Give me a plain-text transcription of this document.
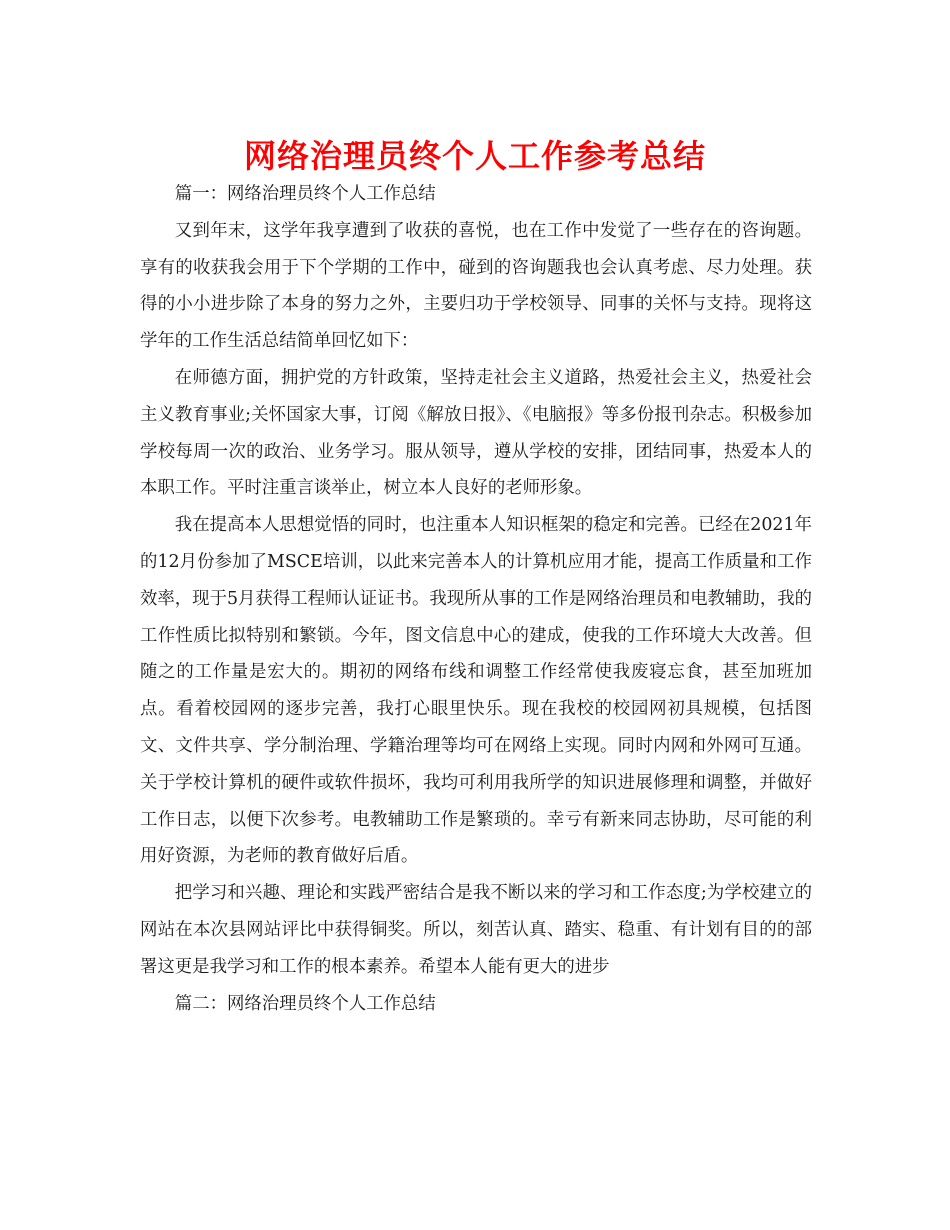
网络治理员终个人工作参考总结

篇一：网络治理员终个人工作总结

又到年末，这学年我享遭到了收获的喜悦，也在工作中发觉了一些存在的咨询题。享有的收获我会用于下个学期的工作中，碰到的咨询题我也会认真考虑、尽力处理。获得的小小进步除了本身的努力之外，主要归功于学校领导、同事的关怀与支持。现将这学年的工作生活总结简单回忆如下：

在师德方面，拥护党的方针政策，坚持走社会主义道路，热爱社会主义，热爱社会主义教育事业;关怀国家大事，订阅《解放日报》、《电脑报》等多份报刊杂志。积极参加学校每周一次的政治、业务学习。服从领导，遵从学校的安排，团结同事，热爱本人的本职工作。平时注重言谈举止，树立本人良好的老师形象。

我在提高本人思想觉悟的同时，也注重本人知识框架的稳定和完善。已经在2021年的12月份参加了MSCE培训，以此来完善本人的计算机应用才能，提高工作质量和工作效率，现于5月获得工程师认证证书。我现所从事的工作是网络治理员和电教辅助，我的工作性质比拟特别和繁锁。今年，图文信息中心的建成，使我的工作环境大大改善。但随之的工作量是宏大的。期初的网络布线和调整工作经常使我废寝忘食，甚至加班加点。看着校园网的逐步完善，我打心眼里快乐。现在我校的校园网初具规模，包括图文、文件共享、学分制治理、学籍治理等均可在网络上实现。同时内网和外网可互通。关于学校计算机的硬件或软件损坏，我均可利用我所学的知识进展修理和调整，并做好工作日志，以便下次参考。电教辅助工作是繁琐的。幸亏有新来同志协助，尽可能的利用好资源，为老师的教育做好后盾。

把学习和兴趣、理论和实践严密结合是我不断以来的学习和工作态度;为学校建立的网站在本次县网站评比中获得铜奖。所以，刻苦认真、踏实、稳重、有计划有目的的部署这更是我学习和工作的根本素养。希望本人能有更大的进步

篇二：网络治理员终个人工作总结
